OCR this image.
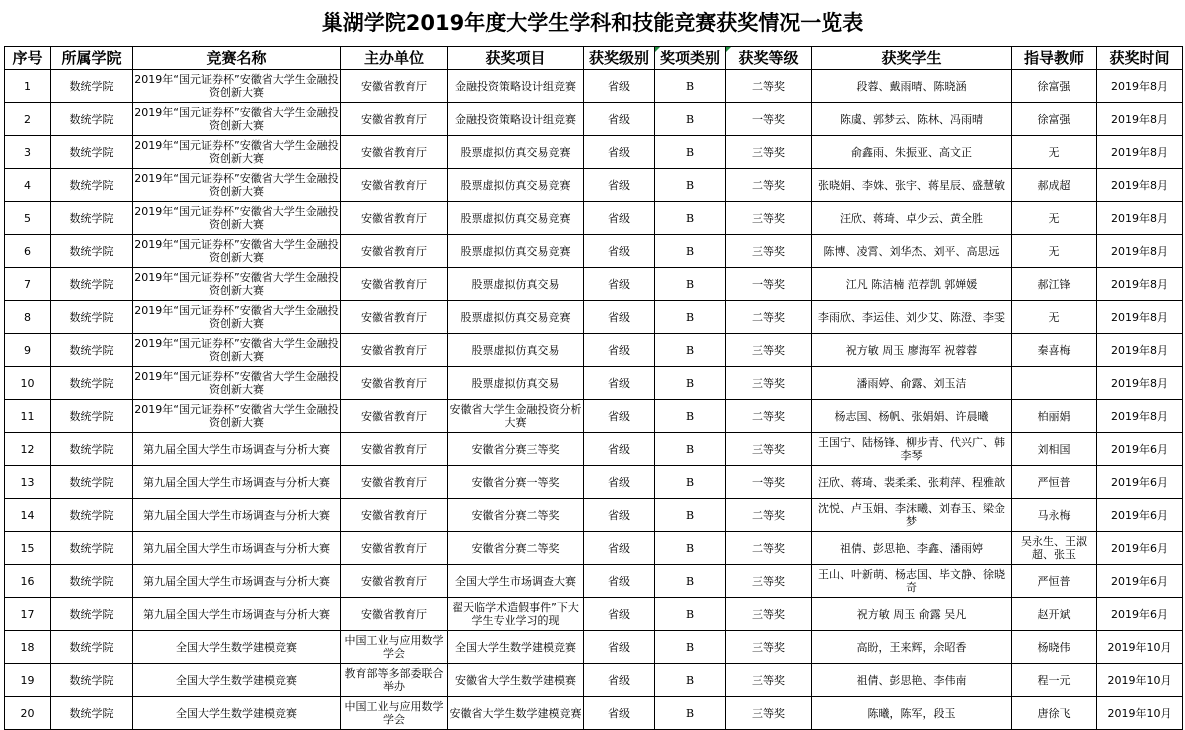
巢湖学院2019年度大学生学科和技能竞赛获奖情况一览表
序号	所属学院	竞赛名称	主办单位	获奖项目	获奖级别	奖项类别	获奖等级	获奖学生	指导教师	获奖时间
1	数统学院	2019年“国元证券杯”安徽省大学生金融投资创新大赛	安徽省教育厅	金融投资策略设计组竞赛	省级	B	二等奖	段蓉、戴雨晴、陈晓涵	徐富强	2019年8月
2	数统学院	2019年“国元证券杯”安徽省大学生金融投资创新大赛	安徽省教育厅	金融投资策略设计组竞赛	省级	B	一等奖	陈虞、郭梦云、陈林、冯雨晴	徐富强	2019年8月
3	数统学院	2019年“国元证券杯”安徽省大学生金融投资创新大赛	安徽省教育厅	股票虚拟仿真交易竞赛	省级	B	三等奖	俞鑫雨、朱振亚、高文正	无	2019年8月
4	数统学院	2019年“国元证券杯”安徽省大学生金融投资创新大赛	安徽省教育厅	股票虚拟仿真交易竞赛	省级	B	二等奖	张晓娟、李姝、张宇、蒋星辰、盛慧敏	郝成超	2019年8月
5	数统学院	2019年“国元证券杯”安徽省大学生金融投资创新大赛	安徽省教育厅	股票虚拟仿真交易竞赛	省级	B	三等奖	汪欣、蒋琦、卓少云、黄全胜	无	2019年8月
6	数统学院	2019年“国元证券杯”安徽省大学生金融投资创新大赛	安徽省教育厅	股票虚拟仿真交易竞赛	省级	B	三等奖	陈博、凌霄、刘华杰、刘平、高思远	无	2019年8月
7	数统学院	2019年“国元证券杯”安徽省大学生金融投资创新大赛	安徽省教育厅	股票虚拟仿真交易	省级	B	一等奖	江凡 陈洁楠 范荐凯 郭婵媛	郝江锋	2019年8月
8	数统学院	2019年“国元证券杯”安徽省大学生金融投资创新大赛	安徽省教育厅	股票虚拟仿真交易竞赛	省级	B	二等奖	李雨欣、李运佳、刘少艾、陈澄、李雯	无	2019年8月
9	数统学院	2019年“国元证券杯”安徽省大学生金融投资创新大赛	安徽省教育厅	股票虚拟仿真交易	省级	B	三等奖	祝方敏 周玉 廖海军 祝蓉蓉	秦喜梅	2019年8月
10	数统学院	2019年“国元证券杯”安徽省大学生金融投资创新大赛	安徽省教育厅	股票虚拟仿真交易	省级	B	三等奖	潘雨婷、俞露、刘玉洁		2019年8月
11	数统学院	2019年“国元证券杯”安徽省大学生金融投资创新大赛	安徽省教育厅	安徽省大学生金融投资分析大赛	省级	B	二等奖	杨志国、杨帆、张娟娟、许晨曦	柏丽娟	2019年8月
12	数统学院	第九届全国大学生市场调查与分析大赛	安徽省教育厅	安徽省分赛三等奖	省级	B	三等奖	王国宁、陆杨锋、柳步青、代兴广、韩李琴	刘相国	2019年6月
13	数统学院	第九届全国大学生市场调查与分析大赛	安徽省教育厅	安徽省分赛一等奖	省级	B	一等奖	汪欣、蒋琦、裴柔柔、张莉萍、程雅歆	严恒普	2019年6月
14	数统学院	第九届全国大学生市场调查与分析大赛	安徽省教育厅	安徽省分赛二等奖	省级	B	二等奖	沈悦、卢玉娟、李沫曦、刘春玉、梁金梦	马永梅	2019年6月
15	数统学院	第九届全国大学生市场调查与分析大赛	安徽省教育厅	安徽省分赛二等奖	省级	B	二等奖	祖倩、彭思艳、李鑫、潘雨婷	吴永生、王淑超、张玉	2019年6月
16	数统学院	第九届全国大学生市场调查与分析大赛	安徽省教育厅	全国大学生市场调查大赛	省级	B	三等奖	王山、叶新萌、杨志国、毕文静、徐晓奇	严恒普	2019年6月
17	数统学院	第九届全国大学生市场调查与分析大赛	安徽省教育厅	翟天临学术造假事件”下大学生专业学习的现	省级	B	三等奖	祝方敏 周玉 俞露 吴凡	赵开斌	2019年6月
18	数统学院	全国大学生数学建模竞赛	中国工业与应用数学学会	全国大学生数学建模竞赛	省级	B	三等奖	高盼，王来辉，余昭香	杨晓伟	2019年10月
19	数统学院	全国大学生数学建模竞赛	教育部等多部委联合举办	安徽省大学生数学建模赛	省级	B	三等奖	祖倩、彭思艳、李伟南	程一元	2019年10月
20	数统学院	全国大学生数学建模竞赛	中国工业与应用数学学会	安徽省大学生数学建模竞赛	省级	B	三等奖	陈曦，陈军，段玉	唐徐飞	2019年10月
